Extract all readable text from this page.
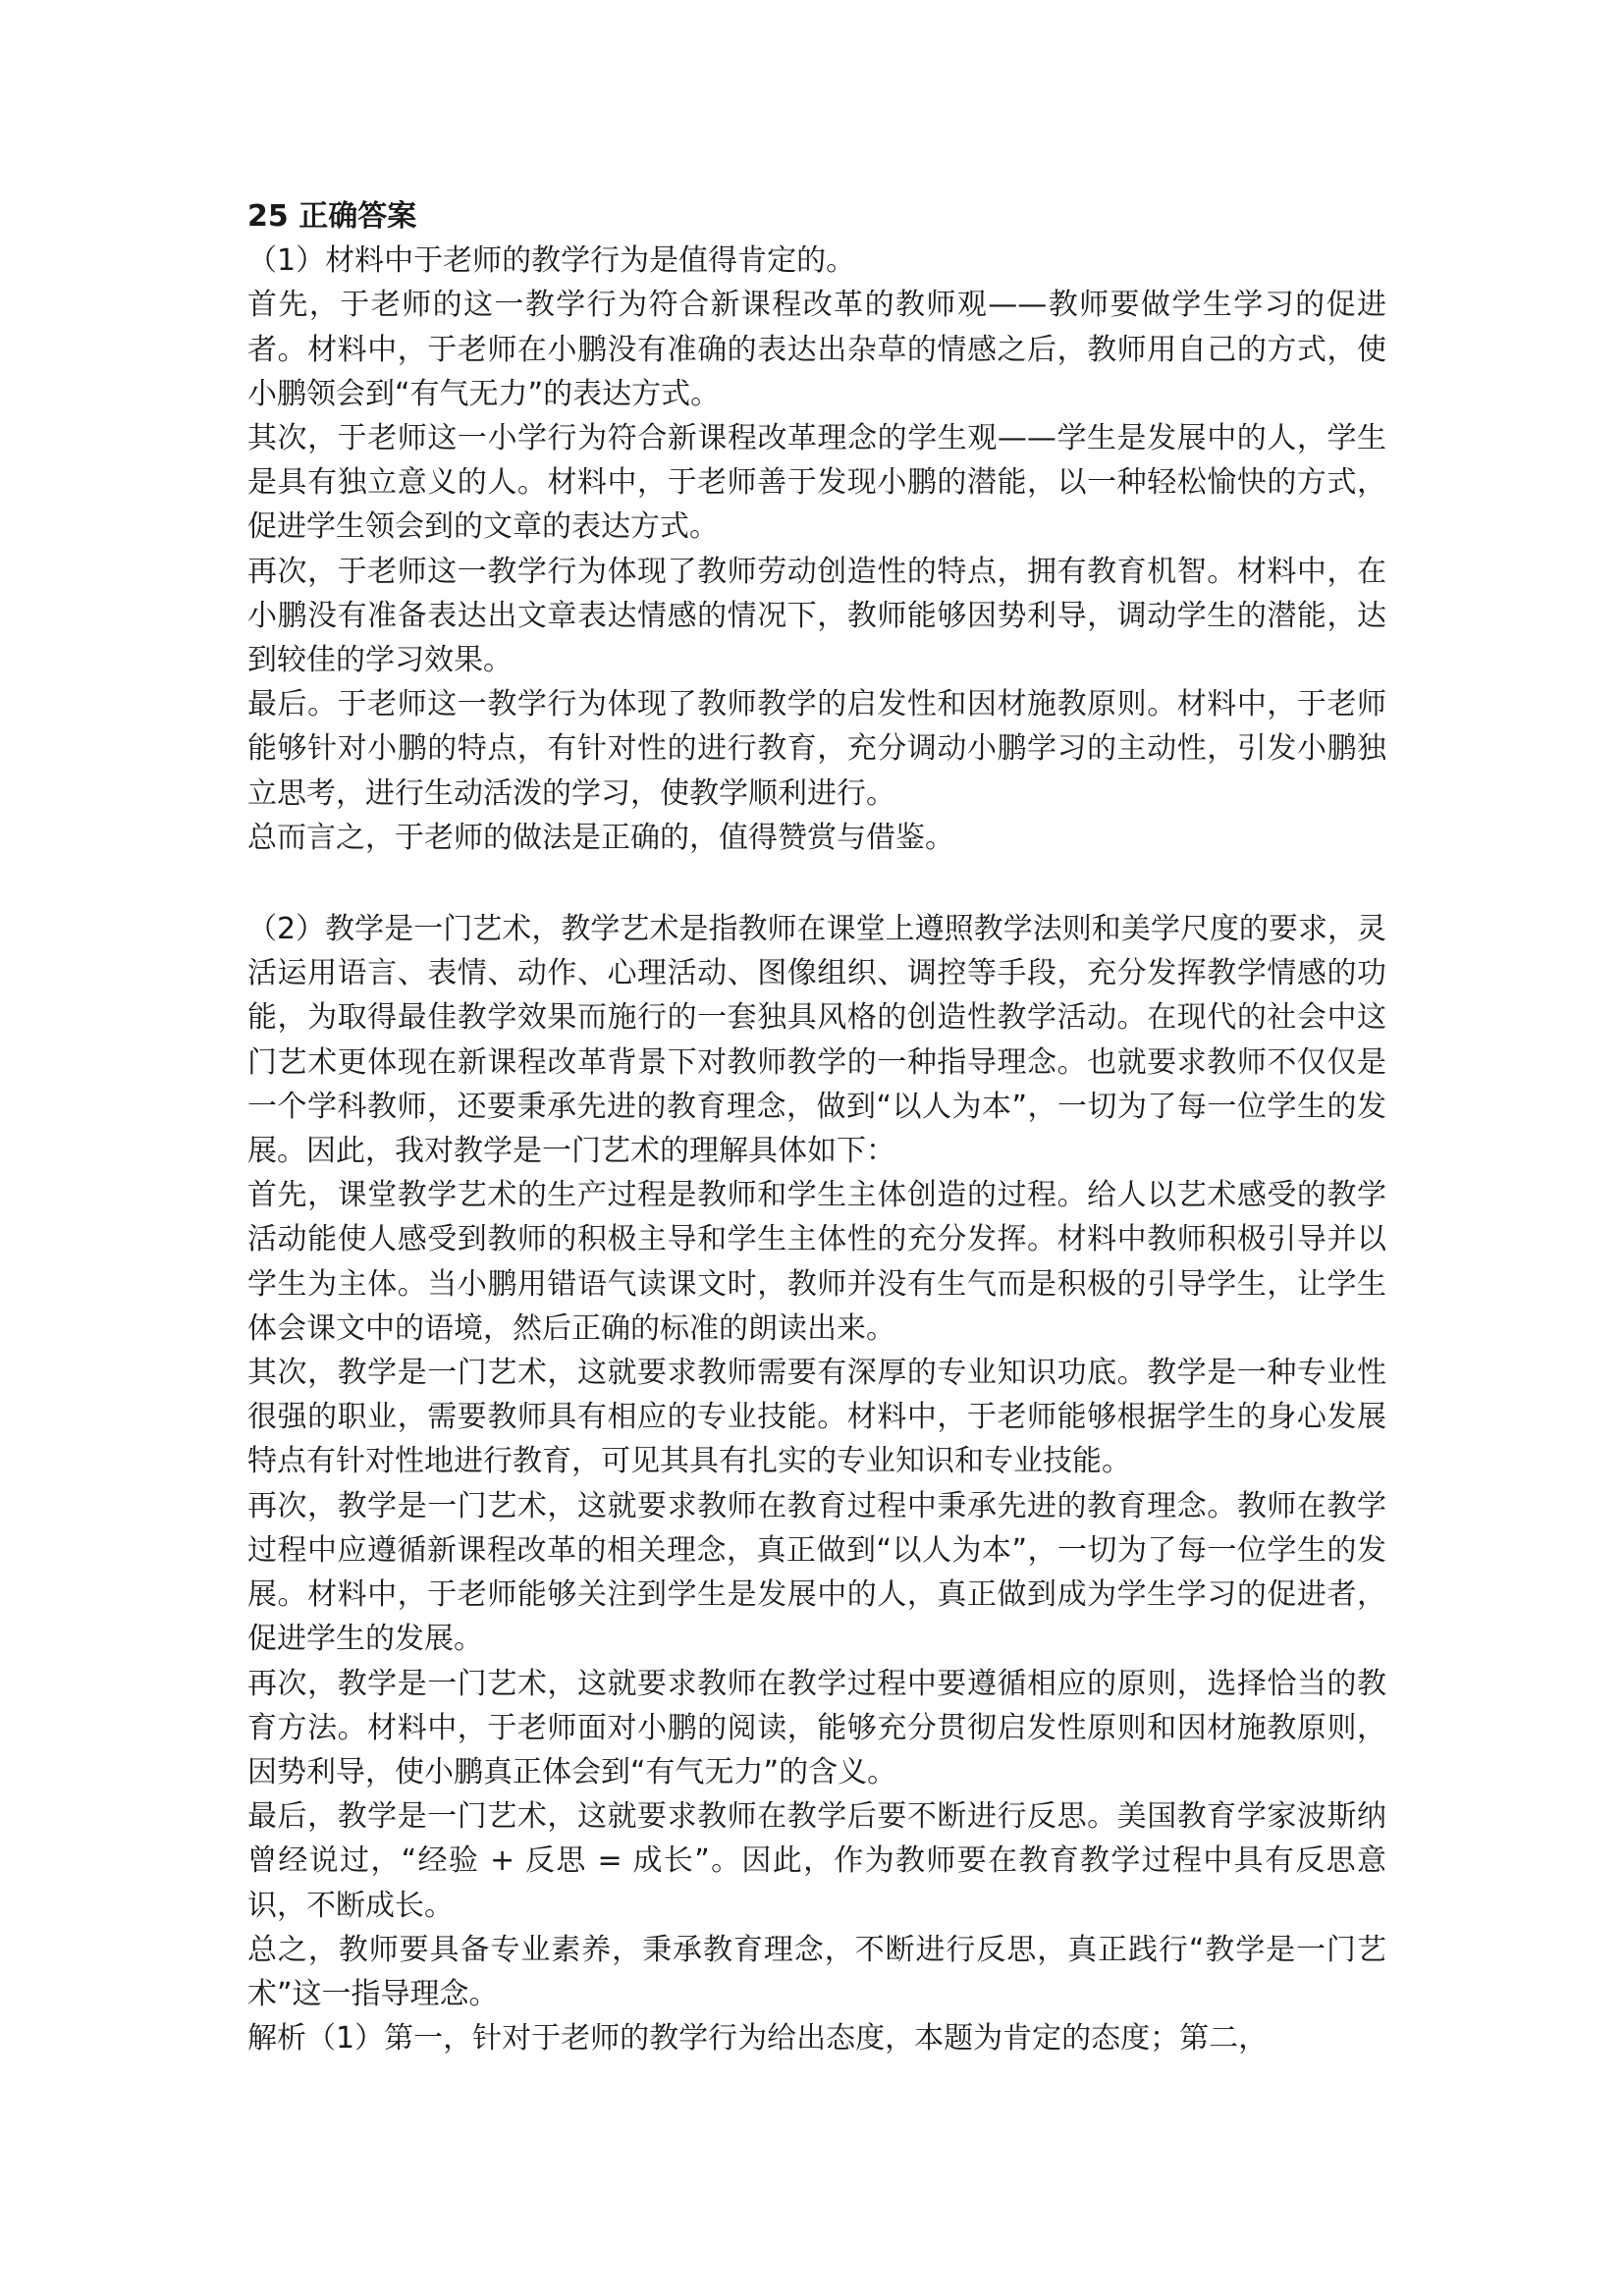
25 正确答案

（1）材料中于老师的教学行为是值得肯定的。

首先，于老师的这一教学行为符合新课程改革的教师观——教师要做学生学习的促进者。材料中，于老师在小鹏没有准确的表达出杂草的情感之后，教师用自己的方式，使小鹏领会到“有气无力”的表达方式。

其次，于老师这一小学行为符合新课程改革理念的学生观——学生是发展中的人，学生是具有独立意义的人。材料中，于老师善于发现小鹏的潜能，以一种轻松愉快的方式，促进学生领会到的文章的表达方式。

再次，于老师这一教学行为体现了教师劳动创造性的特点，拥有教育机智。材料中，在小鹏没有准备表达出文章表达情感的情况下，教师能够因势利导，调动学生的潜能，达到较佳的学习效果。

最后。于老师这一教学行为体现了教师教学的启发性和因材施教原则。材料中，于老师能够针对小鹏的特点，有针对性的进行教育，充分调动小鹏学习的主动性，引发小鹏独立思考，进行生动活泼的学习，使教学顺利进行。

总而言之，于老师的做法是正确的，值得赞赏与借鉴。

（2）教学是一门艺术，教学艺术是指教师在课堂上遵照教学法则和美学尺度的要求，灵活运用语言、表情、动作、心理活动、图像组织、调控等手段，充分发挥教学情感的功能，为取得最佳教学效果而施行的一套独具风格的创造性教学活动。在现代的社会中这门艺术更体现在新课程改革背景下对教师教学的一种指导理念。也就要求教师不仅仅是一个学科教师，还要秉承先进的教育理念，做到“以人为本”，一切为了每一位学生的发展。因此，我对教学是一门艺术的理解具体如下：

首先，课堂教学艺术的生产过程是教师和学生主体创造的过程。给人以艺术感受的教学活动能使人感受到教师的积极主导和学生主体性的充分发挥。材料中教师积极引导并以学生为主体。当小鹏用错语气读课文时，教师并没有生气而是积极的引导学生，让学生体会课文中的语境，然后正确的标准的朗读出来。

其次，教学是一门艺术，这就要求教师需要有深厚的专业知识功底。教学是一种专业性很强的职业，需要教师具有相应的专业技能。材料中，于老师能够根据学生的身心发展特点有针对性地进行教育，可见其具有扎实的专业知识和专业技能。

再次，教学是一门艺术，这就要求教师在教育过程中秉承先进的教育理念。教师在教学过程中应遵循新课程改革的相关理念，真正做到“以人为本”，一切为了每一位学生的发展。材料中，于老师能够关注到学生是发展中的人，真正做到成为学生学习的促进者，促进学生的发展。

再次，教学是一门艺术，这就要求教师在教学过程中要遵循相应的原则，选择恰当的教育方法。材料中，于老师面对小鹏的阅读，能够充分贯彻启发性原则和因材施教原则，因势利导，使小鹏真正体会到“有气无力”的含义。

最后，教学是一门艺术，这就要求教师在教学后要不断进行反思。美国教育学家波斯纳曾经说过，“经验 + 反思 = 成长”。因此，作为教师要在教育教学过程中具有反思意识，不断成长。

总之，教师要具备专业素养，秉承教育理念，不断进行反思，真正践行“教学是一门艺术”这一指导理念。

解析（1）第一，针对于老师的教学行为给出态度，本题为肯定的态度；第二，
